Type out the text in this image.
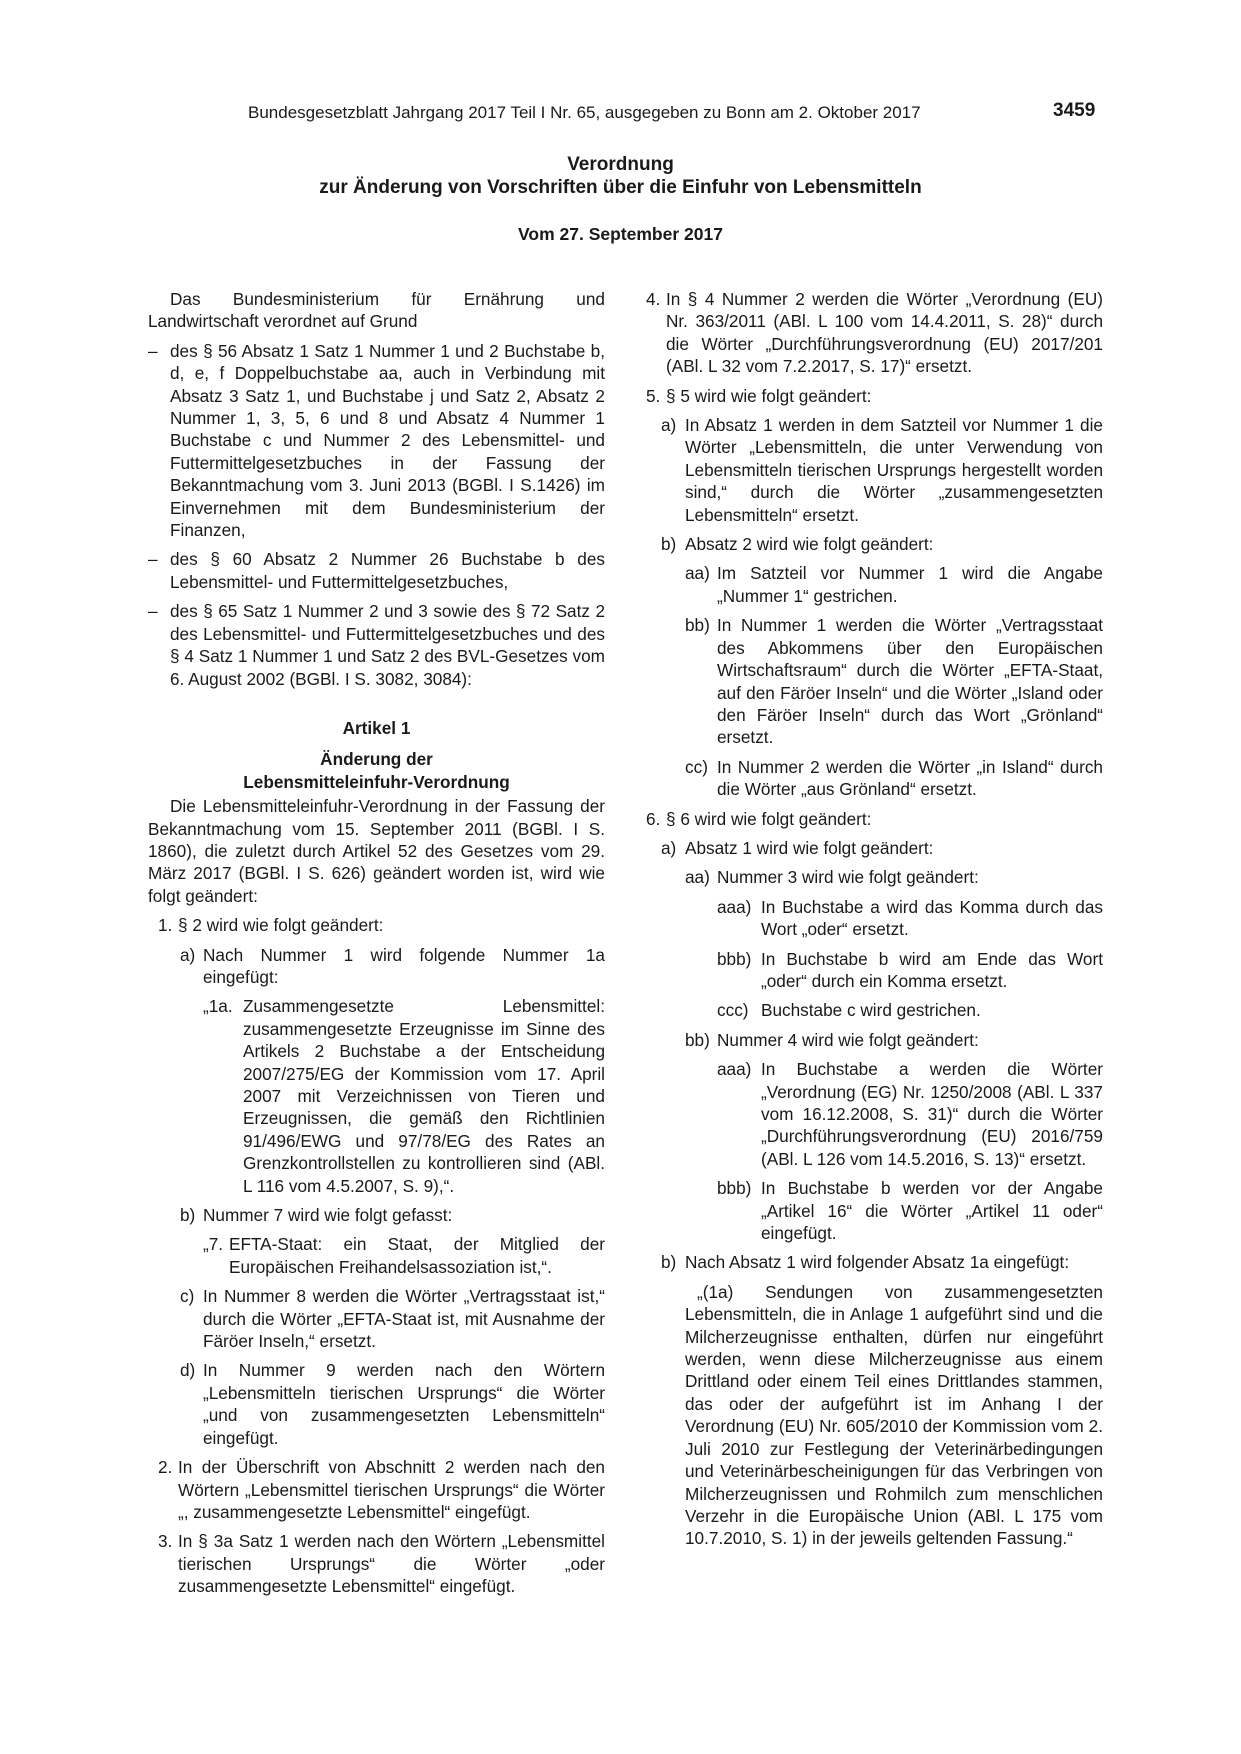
Bundesgesetzblatt Jahrgang 2017 Teil I Nr. 65, ausgegeben zu Bonn am 2. Oktober 2017	3459
Verordnung
zur Änderung von Vorschriften über die Einfuhr von Lebensmitteln
Vom 27. September 2017

Das Bundesministerium für Ernährung und Landwirtschaft verordnet auf Grund

– des § 56 Absatz 1 Satz 1 Nummer 1 und 2 Buchstabe b, d, e, f Doppelbuchstabe aa, auch in Verbindung mit Absatz 3 Satz 1, und Buchstabe j und Satz 2, Absatz 2 Nummer 1, 3, 5, 6 und 8 und Absatz 4 Nummer 1 Buchstabe c und Nummer 2 des Lebensmittel- und Futtermittelgesetzbuches in der Fassung der Bekanntmachung vom 3. Juni 2013 (BGBl. I S.1426) im Einvernehmen mit dem Bundesministerium der Finanzen,
– des § 60 Absatz 2 Nummer 26 Buchstabe b des Lebensmittel- und Futtermittelgesetzbuches,
– des § 65 Satz 1 Nummer 2 und 3 sowie des § 72 Satz 2 des Lebensmittel- und Futtermittelgesetzbuches und des § 4 Satz 1 Nummer 1 und Satz 2 des BVL-Gesetzes vom 6. August 2002 (BGBl. I S. 3082, 3084):

Artikel 1

Änderung der

Lebensmitteleinfuhr-Verordnung

Die Lebensmitteleinfuhr-Verordnung in der Fassung der Bekanntmachung vom 15. September 2011 (BGBl. I S. 1860), die zuletzt durch Artikel 52 des Gesetzes vom 29. März 2017 (BGBl. I S. 626) geändert worden ist, wird wie folgt geändert:

1. § 2 wird wie folgt geändert:
a) Nach Nummer 1 wird folgende Nummer 1a eingefügt:
„1a. Zusammengesetzte Lebensmittel: zusammengesetzte Erzeugnisse im Sinne des Artikels 2 Buchstabe a der Entscheidung 2007/275/EG der Kommission vom 17. April 2007 mit Verzeichnissen von Tieren und Erzeugnissen, die gemäß den Richtlinien 91/496/EWG und 97/78/EG des Rates an Grenzkontrollstellen zu kontrollieren sind (ABl. L 116 vom 4.5.2007, S. 9),“.
b) Nummer 7 wird wie folgt gefasst:
„7. EFTA-Staat: ein Staat, der Mitglied der Europäischen Freihandelsassoziation ist,“.
c) In Nummer 8 werden die Wörter „Vertragsstaat ist,“ durch die Wörter „EFTA-Staat ist, mit Ausnahme der Färöer Inseln,“ ersetzt.
d) In Nummer 9 werden nach den Wörtern „Lebensmitteln tierischen Ursprungs“ die Wörter „und von zusammengesetzten Lebensmitteln“ eingefügt.
2. In der Überschrift von Abschnitt 2 werden nach den Wörtern „Lebensmittel tierischen Ursprungs“ die Wörter „, zusammengesetzte Lebensmittel“ eingefügt.
3. In § 3a Satz 1 werden nach den Wörtern „Lebensmittel tierischen Ursprungs“ die Wörter „oder zusammengesetzte Lebensmittel“ eingefügt.
4. In § 4 Nummer 2 werden die Wörter „Verordnung (EU) Nr. 363/2011 (ABl. L 100 vom 14.4.2011, S. 28)“ durch die Wörter „Durchführungsverordnung (EU) 2017/201 (ABl. L 32 vom 7.2.2017, S. 17)“ ersetzt.
5. § 5 wird wie folgt geändert:
a) In Absatz 1 werden in dem Satzteil vor Nummer 1 die Wörter „Lebensmitteln, die unter Verwendung von Lebensmitteln tierischen Ursprungs hergestellt worden sind,“ durch die Wörter „zusammengesetzten Lebensmitteln“ ersetzt.
b) Absatz 2 wird wie folgt geändert:
aa) Im Satzteil vor Nummer 1 wird die Angabe „Nummer 1“ gestrichen.
bb) In Nummer 1 werden die Wörter „Vertragsstaat des Abkommens über den Europäischen Wirtschaftsraum“ durch die Wörter „EFTA-Staat, auf den Färöer Inseln“ und die Wörter „Island oder den Färöer Inseln“ durch das Wort „Grönland“ ersetzt.
cc) In Nummer 2 werden die Wörter „in Island“ durch die Wörter „aus Grönland“ ersetzt.
6. § 6 wird wie folgt geändert:
a) Absatz 1 wird wie folgt geändert:
aa) Nummer 3 wird wie folgt geändert:
aaa) In Buchstabe a wird das Komma durch das Wort „oder“ ersetzt.
bbb) In Buchstabe b wird am Ende das Wort „oder“ durch ein Komma ersetzt.
ccc) Buchstabe c wird gestrichen.
bb) Nummer 4 wird wie folgt geändert:
aaa) In Buchstabe a werden die Wörter „Verordnung (EG) Nr. 1250/2008 (ABl. L 337 vom 16.12.2008, S. 31)“ durch die Wörter „Durchführungsverordnung (EU) 2016/759 (ABl. L 126 vom 14.5.2016, S. 13)“ ersetzt.
bbb) In Buchstabe b werden vor der Angabe „Artikel 16“ die Wörter „Artikel 11 oder“ eingefügt.
b) Nach Absatz 1 wird folgender Absatz 1a eingefügt:

„(1a) Sendungen von zusammengesetzten Lebensmitteln, die in Anlage 1 aufgeführt sind und die Milcherzeugnisse enthalten, dürfen nur eingeführt werden, wenn diese Milcherzeugnisse aus einem Drittland oder einem Teil eines Drittlandes stammen, das oder der aufgeführt ist im Anhang I der Verordnung (EU) Nr. 605/2010 der Kommission vom 2. Juli 2010 zur Festlegung der Veterinärbedingungen und Veterinärbescheinigungen für das Verbringen von Milcherzeugnissen und Rohmilch zum menschlichen Verzehr in die Europäische Union (ABl. L 175 vom 10.7.2010, S. 1) in der jeweils geltenden Fassung.“
